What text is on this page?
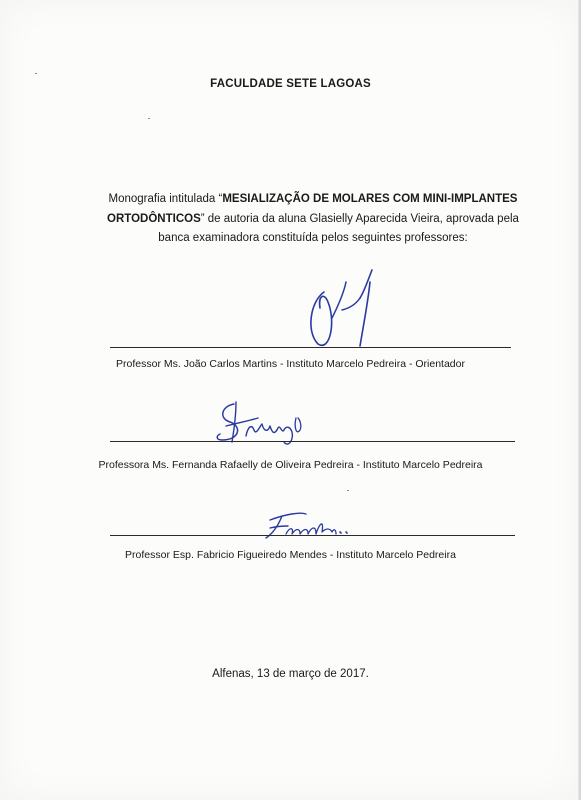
FACULDADE SETE LAGOAS
Monografia intitulada “MESIALIZAÇÃO DE MOLARES COM MINI-IMPLANTES ORTODÔNTICOS” de autoria da aluna Glasielly Aparecida Vieira, aprovada pela banca examinadora constituída pelos seguintes professores:
Professor Ms. João Carlos Martins - Instituto Marcelo Pedreira - Orientador
Professora Ms. Fernanda Rafaelly de Oliveira Pedreira - Instituto Marcelo Pedreira
Professor Esp. Fabricio Figueiredo Mendes - Instituto Marcelo Pedreira
Alfenas, 13 de março de 2017.
